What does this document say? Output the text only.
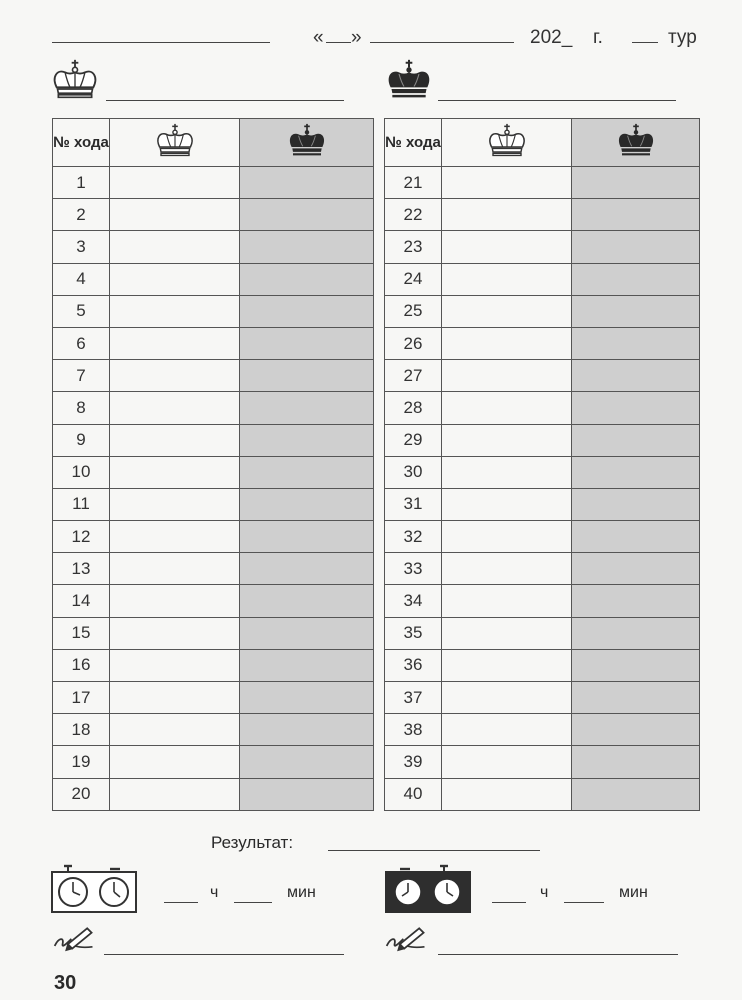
« »	202_ г.	тур
№ хода		
1		
2		
3		
4		
5		
6		
7		
8		
9		
10		
11		
12		
13		
14		
15		
16		
17		
18		
19		
20		
№ хода		
21		
22		
23		
24		
25		
26		
27		
28		
29		
30		
31		
32		
33		
34		
35		
36		
37		
38		
39		
40		
Результат:
ч	мин	ч	мин
30
